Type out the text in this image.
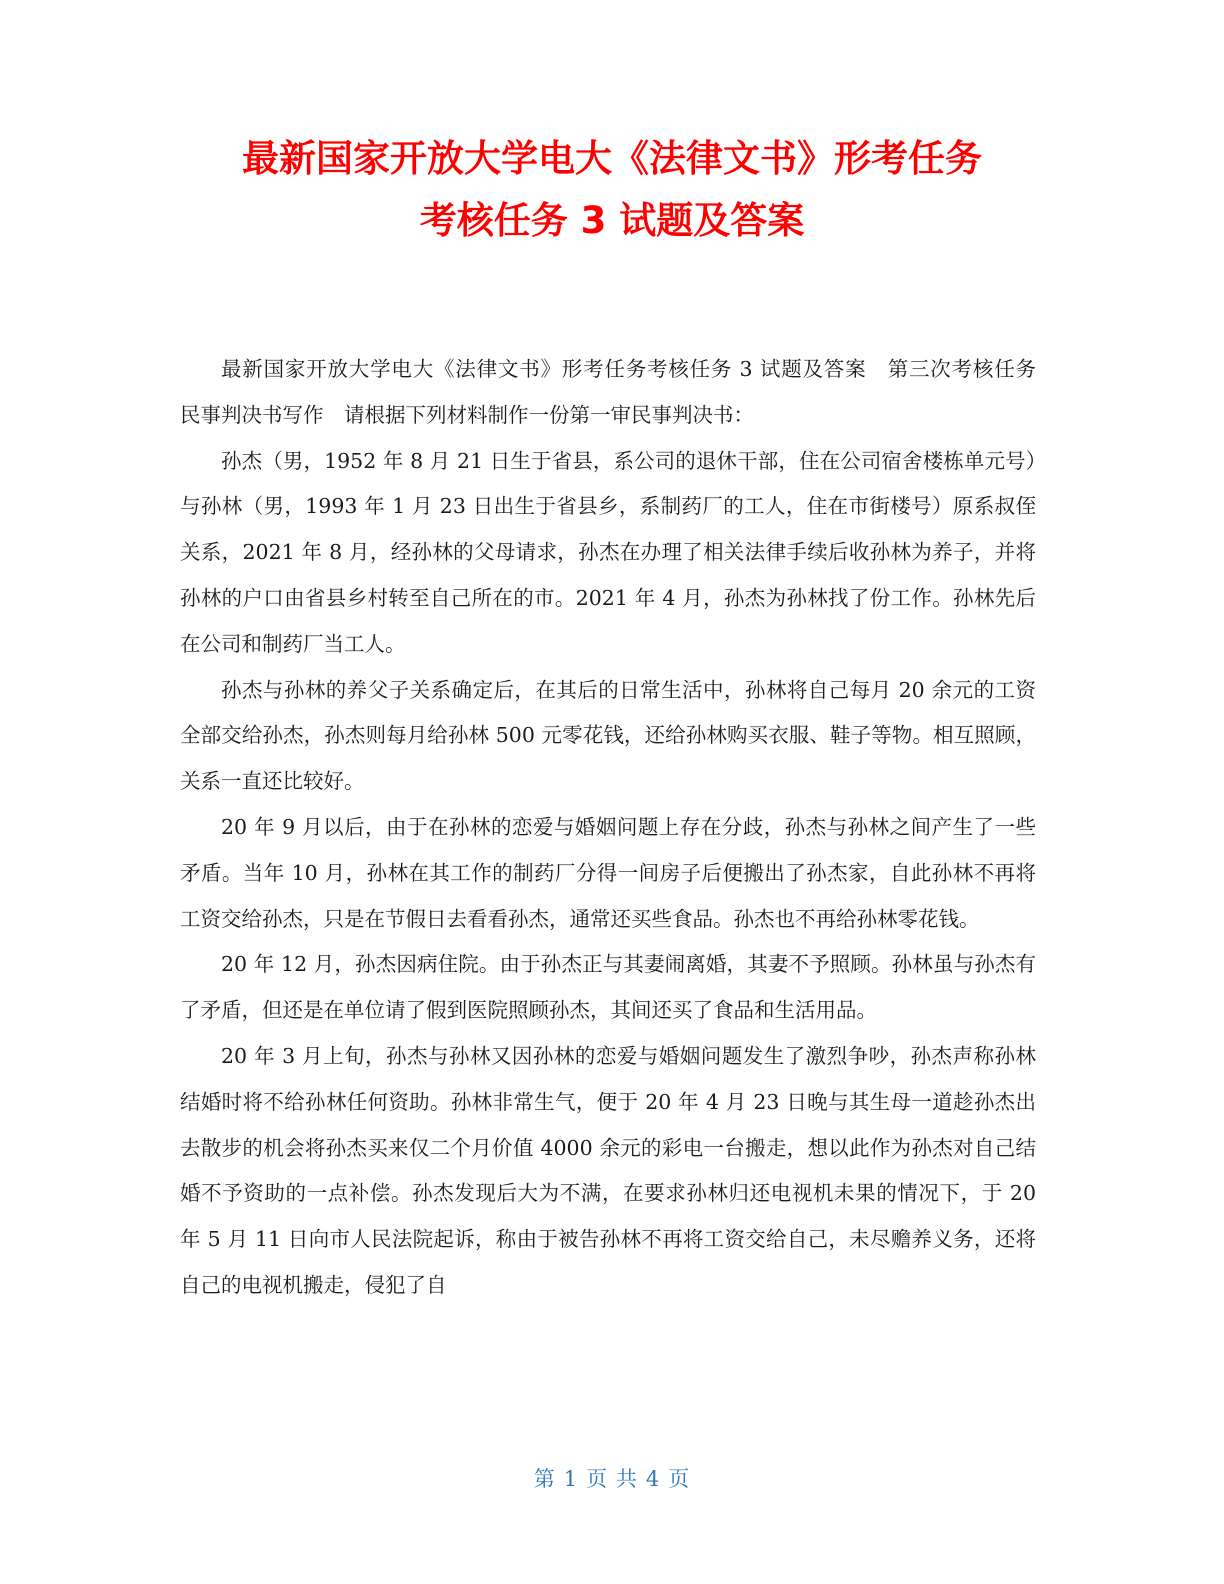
最新国家开放大学电大《法律文书》形考任务
考核任务 3 试题及答案

最新国家开放大学电大《法律文书》形考任务考核任务 3 试题及答案　第三次考核任务　民事判决书写作　请根据下列材料制作一份第一审民事判决书：

孙杰（男，1952 年 8 月 21 日生于省县，系公司的退休干部，住在公司宿舍楼栋单元号）与孙林（男，1993 年 1 月 23 日出生于省县乡，系制药厂的工人，住在市街楼号）原系叔侄关系，2021 年 8 月，经孙林的父母请求，孙杰在办理了相关法律手续后收孙林为养子，并将孙林的户口由省县乡村转至自己所在的市。2021 年 4 月，孙杰为孙林找了份工作。孙林先后在公司和制药厂当工人。

孙杰与孙林的养父子关系确定后，在其后的日常生活中，孙林将自己每月 20 余元的工资全部交给孙杰，孙杰则每月给孙林 500 元零花钱，还给孙林购买衣服、鞋子等物。相互照顾，关系一直还比较好。

20 年 9 月以后，由于在孙林的恋爱与婚姻问题上存在分歧，孙杰与孙林之间产生了一些矛盾。当年 10 月，孙林在其工作的制药厂分得一间房子后便搬出了孙杰家，自此孙林不再将工资交给孙杰，只是在节假日去看看孙杰，通常还买些食品。孙杰也不再给孙林零花钱。

20 年 12 月，孙杰因病住院。由于孙杰正与其妻闹离婚，其妻不予照顾。孙林虽与孙杰有了矛盾，但还是在单位请了假到医院照顾孙杰，其间还买了食品和生活用品。

20 年 3 月上旬，孙杰与孙林又因孙林的恋爱与婚姻问题发生了激烈争吵，孙杰声称孙林结婚时将不给孙林任何资助。孙林非常生气，便于 20 年 4 月 23 日晚与其生母一道趁孙杰出去散步的机会将孙杰买来仅二个月价值 4000 余元的彩电一台搬走，想以此作为孙杰对自己结婚不予资助的一点补偿。孙杰发现后大为不满，在要求孙林归还电视机未果的情况下，于 20 年 5 月 11 日向市人民法院起诉，称由于被告孙林不再将工资交给自己，未尽赡养义务，还将自己的电视机搬走，侵犯了自

第 1 页 共 4 页
